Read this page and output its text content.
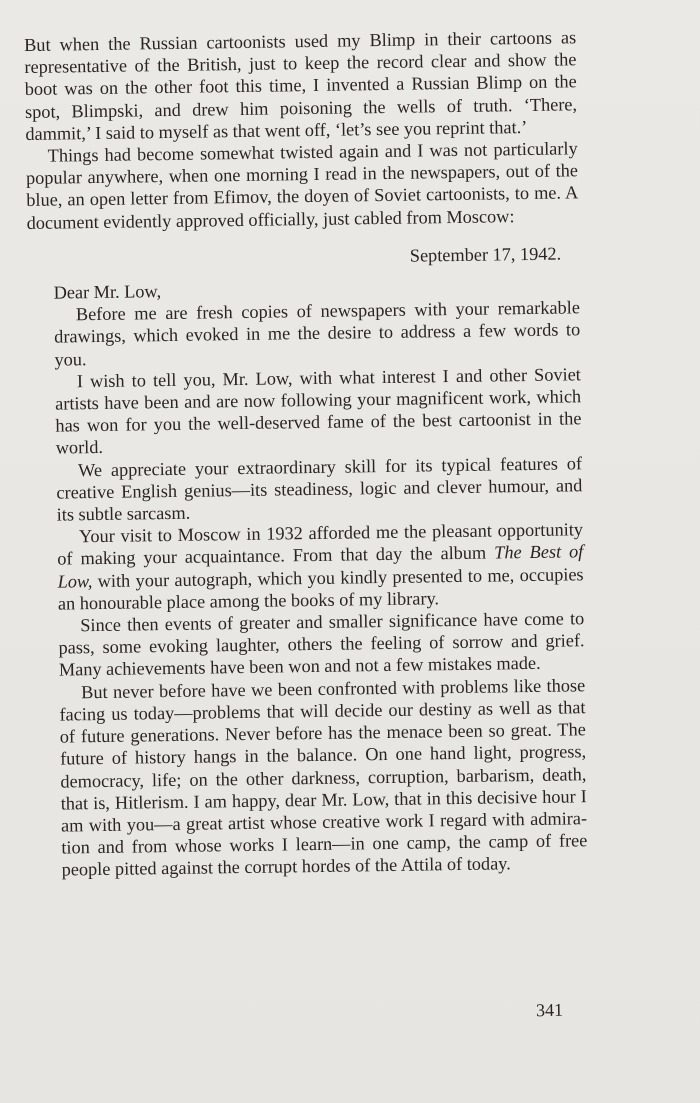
But when the Russian cartoonists used my Blimp in their cartoons as representative of the British, just to keep the record clear and show the boot was on the other foot this time, I invented a Russian Blimp on the spot, Blimpski, and drew him poisoning the wells of truth. ‘There, dammit,’ I said to myself as that went off, ‘let’s see you reprint that.’

Things had become somewhat twisted again and I was not particularly popular anywhere, when one morning I read in the newspapers, out of the blue, an open letter from Efimov, the doyen of Soviet cartoonists, to me. A document evidently approved officially, just cabled from Moscow:

September 17, 1942.

Dear Mr. Low,

Before me are fresh copies of newspapers with your remarkable drawings, which evoked in me the desire to address a few words to you.

I wish to tell you, Mr. Low, with what interest I and other Soviet artists have been and are now following your magnificent work, which has won for you the well-deserved fame of the best cartoonist in the world.

We appreciate your extraordinary skill for its typical features of creative English genius—its steadiness, logic and clever humour, and its subtle sarcasm.

Your visit to Moscow in 1932 afforded me the pleasant opportunity of making your acquaintance. From that day the album The Best of Low, with your autograph, which you kindly presented to me, occupies an honourable place among the books of my library.

Since then events of greater and smaller significance have come to pass, some evoking laughter, others the feeling of sorrow and grief. Many achievements have been won and not a few mistakes made.

But never before have we been confronted with problems like those facing us today—problems that will decide our destiny as well as that of future generations. Never before has the menace been so great. The future of history hangs in the balance. On one hand light, progress, democracy, life; on the other darkness, corruption, barbarism, death, that is, Hitlerism. I am happy, dear Mr. Low, that in this decisive hour I am with you—a great artist whose creative work I regard with admiration and from whose works I learn—in one camp, the camp of free people pitted against the corrupt hordes of the Attila of today.

341
